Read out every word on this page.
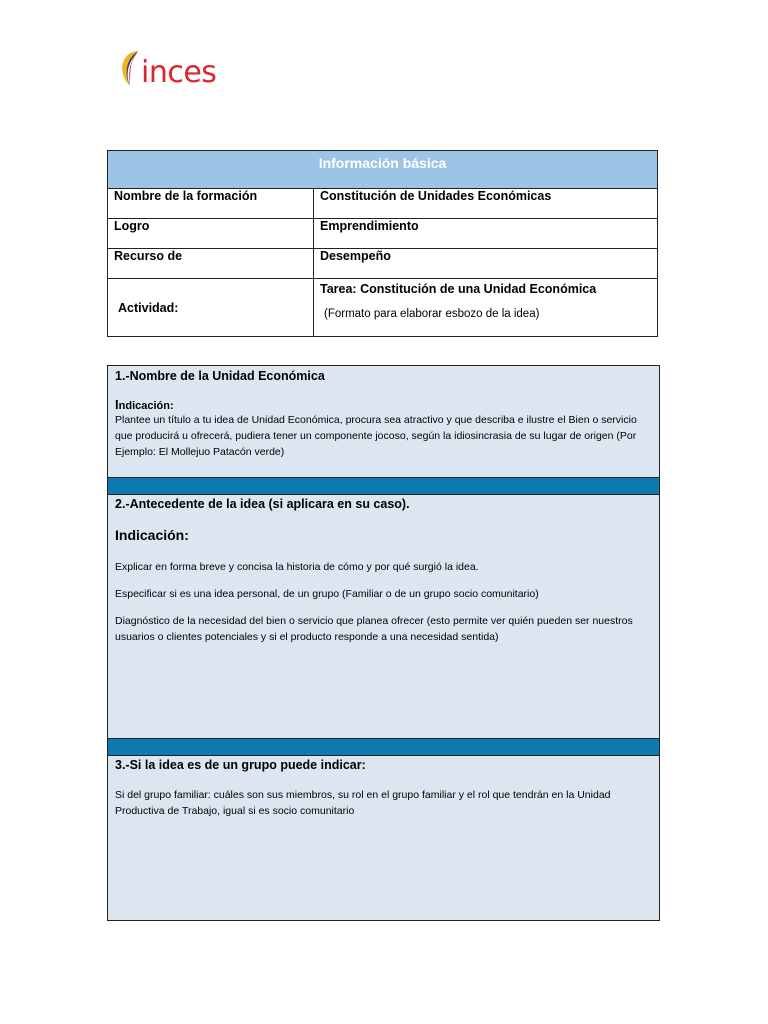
inces
Información básica	
Nombre de la formación	Constitución de Unidades Económicas
Logro	Emprendimiento
Recurso de	Desempeño
Actividad:	Tarea: Constitución de una Unidad Económica
(Formato para elaborar esbozo de la idea)
1.-Nombre de la Unidad Económica
Indicación:

Plantee un título a tu idea de Unidad Económica, procura sea atractivo y que describa e ilustre el Bien o servicio que producirá u ofrecerá, pudiera tener un componente jocoso, según la idiosincrasia de su lugar de origen (Por Ejemplo: El Mollejuo Patacón verde)

2.-Antecedente de la idea (si aplicara en su caso).
Indicación:

Explicar en forma breve y concisa la historia de cómo y por qué surgió la idea.

Especificar si es una idea personal, de un grupo (Familiar o de un grupo socio comunitario)

Diagnóstico de la necesidad del bien o servicio que planea ofrecer (esto permite ver quién pueden ser nuestros usuarios o clientes potenciales y si el producto responde a una necesidad sentida)

3.-Si la idea es de un grupo puede indicar:

Si del grupo familiar: cuáles son sus miembros, su rol en el grupo familiar y el rol que tendrán en la Unidad Productiva de Trabajo, igual si es socio comunitario
